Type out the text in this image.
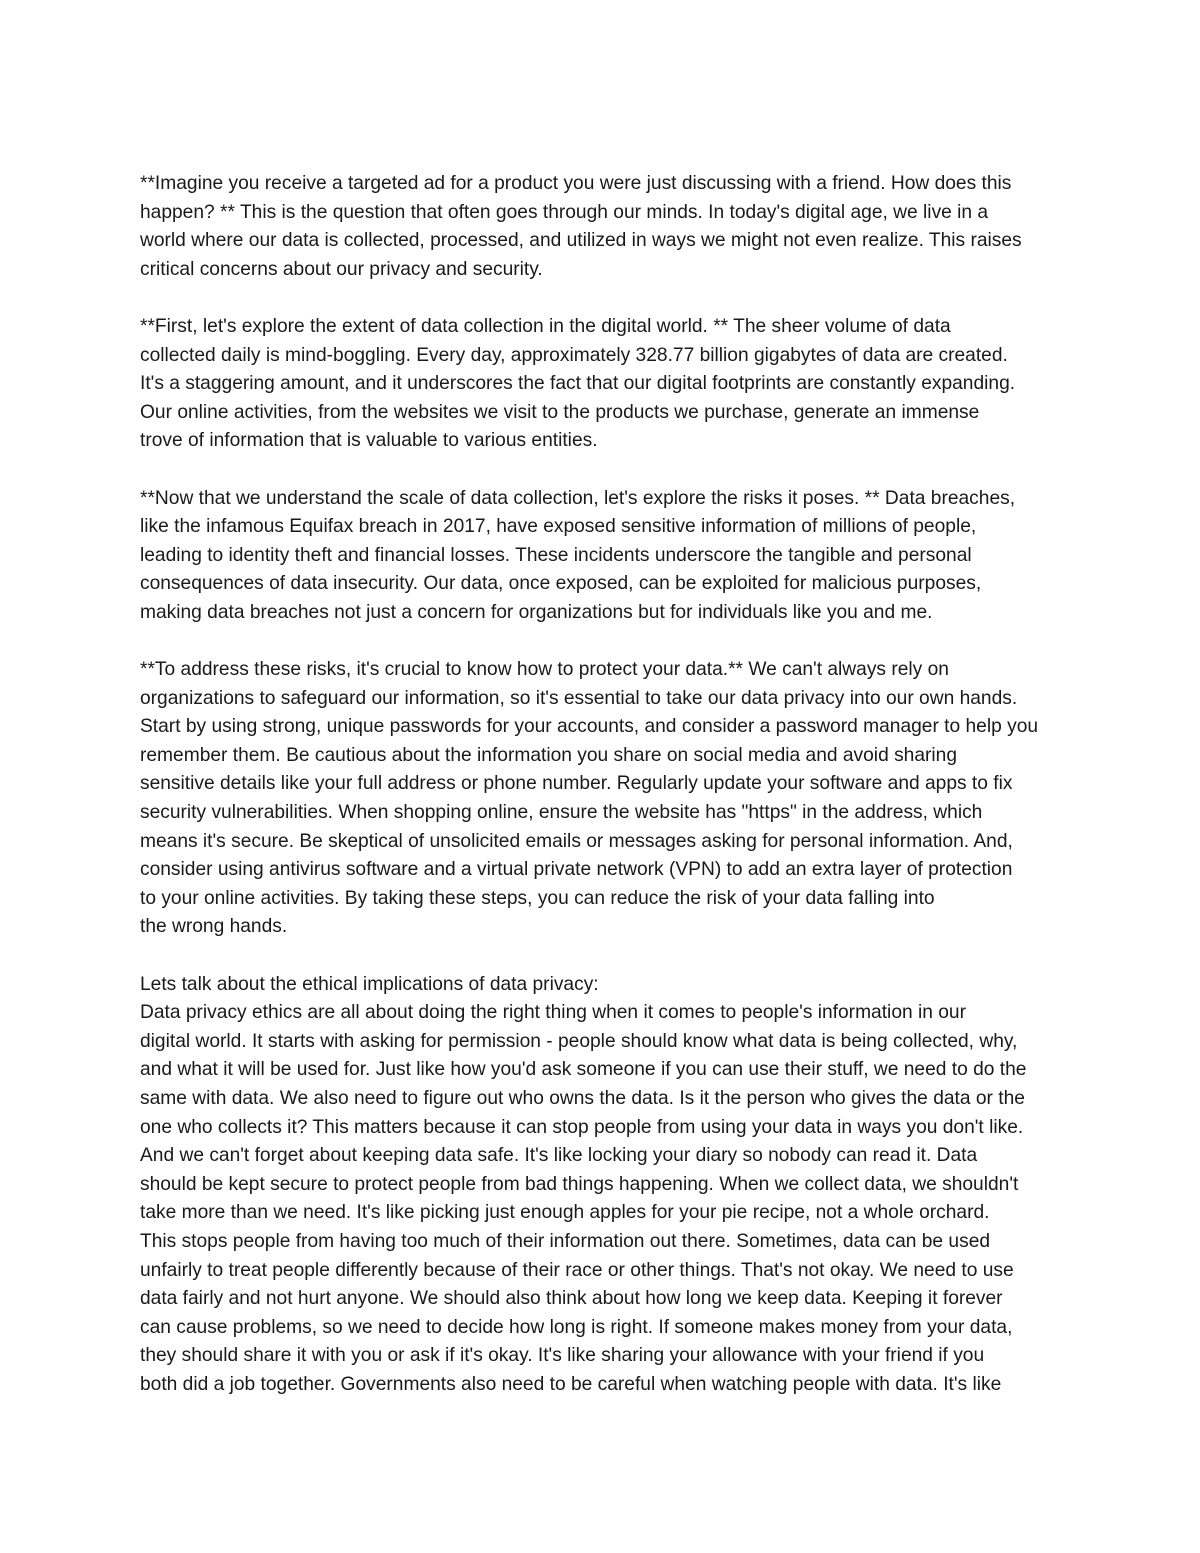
**Imagine you receive a targeted ad for a product you were just discussing with a friend. How does this
happen? ** This is the question that often goes through our minds. In today's digital age, we live in a
world where our data is collected, processed, and utilized in ways we might not even realize. This raises
critical concerns about our privacy and security.

**First, let's explore the extent of data collection in the digital world. ** The sheer volume of data
collected daily is mind-boggling. Every day, approximately 328.77 billion gigabytes of data are created.
It's a staggering amount, and it underscores the fact that our digital footprints are constantly expanding.
Our online activities, from the websites we visit to the products we purchase, generate an immense
trove of information that is valuable to various entities.

**Now that we understand the scale of data collection, let's explore the risks it poses. ** Data breaches,
like the infamous Equifax breach in 2017, have exposed sensitive information of millions of people,
leading to identity theft and financial losses. These incidents underscore the tangible and personal
consequences of data insecurity. Our data, once exposed, can be exploited for malicious purposes,
making data breaches not just a concern for organizations but for individuals like you and me.

**To address these risks, it's crucial to know how to protect your data.** We can't always rely on
organizations to safeguard our information, so it's essential to take our data privacy into our own hands.
Start by using strong, unique passwords for your accounts, and consider a password manager to help you
remember them. Be cautious about the information you share on social media and avoid sharing
sensitive details like your full address or phone number. Regularly update your software and apps to fix
security vulnerabilities. When shopping online, ensure the website has "https" in the address, which
means it's secure. Be skeptical of unsolicited emails or messages asking for personal information. And,
consider using antivirus software and a virtual private network (VPN) to add an extra layer of protection
to your online activities. By taking these steps, you can reduce the risk of your data falling into
the wrong hands.

Lets talk about the ethical implications of data privacy:
Data privacy ethics are all about doing the right thing when it comes to people's information in our
digital world. It starts with asking for permission - people should know what data is being collected, why,
and what it will be used for. Just like how you'd ask someone if you can use their stuff, we need to do the
same with data. We also need to figure out who owns the data. Is it the person who gives the data or the
one who collects it? This matters because it can stop people from using your data in ways you don't like.
And we can't forget about keeping data safe. It's like locking your diary so nobody can read it. Data
should be kept secure to protect people from bad things happening. When we collect data, we shouldn't
take more than we need. It's like picking just enough apples for your pie recipe, not a whole orchard.
This stops people from having too much of their information out there. Sometimes, data can be used
unfairly to treat people differently because of their race or other things. That's not okay. We need to use
data fairly and not hurt anyone. We should also think about how long we keep data. Keeping it forever
can cause problems, so we need to decide how long is right. If someone makes money from your data,
they should share it with you or ask if it's okay. It's like sharing your allowance with your friend if you
both did a job together. Governments also need to be careful when watching people with data. It's like
